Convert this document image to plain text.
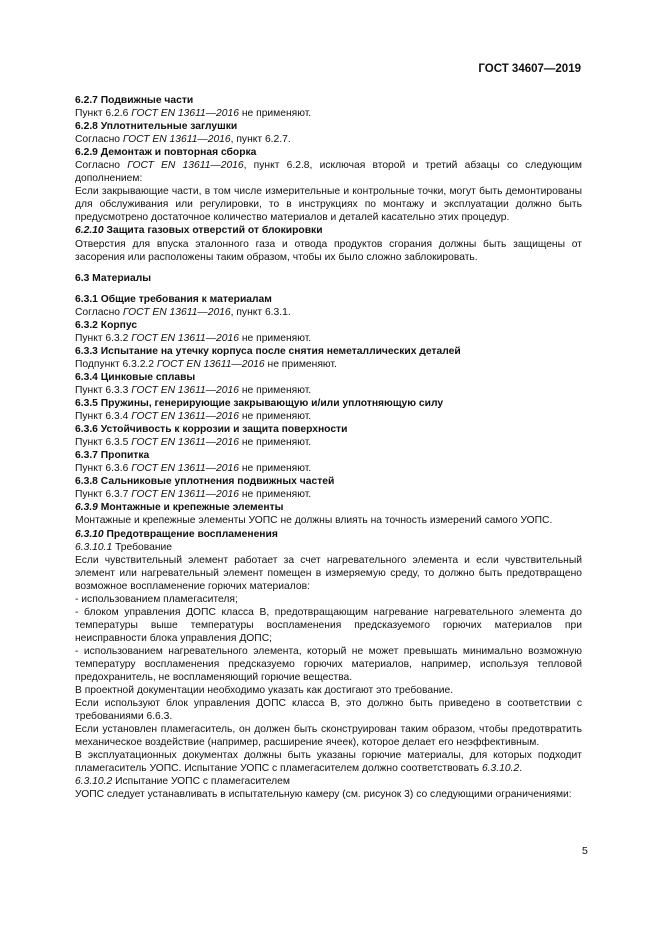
ГОСТ 34607—2019

6.2.7 Подвижные части

Пункт 6.2.6 ГОСТ EN 13611—2016 не применяют.

6.2.8 Уплотнительные заглушки

Согласно ГОСТ EN 13611—2016, пункт 6.2.7.

6.2.9 Демонтаж и повторная сборка

Согласно ГОСТ EN 13611—2016, пункт 6.2.8, исключая второй и третий абзацы со следующим дополнением:

Если закрывающие части, в том числе измерительные и контрольные точки, могут быть демонтированы для обслуживания или регулировки, то в инструкциях по монтажу и эксплуатации должно быть предусмотрено достаточное количество материалов и деталей касательно этих процедур.

6.2.10 Защита газовых отверстий от блокировки

Отверстия для впуска эталонного газа и отвода продуктов сгорания должны быть защищены от засорения или расположены таким образом, чтобы их было сложно заблокировать.

6.3 Материалы

6.3.1 Общие требования к материалам

Согласно ГОСТ EN 13611—2016, пункт 6.3.1.

6.3.2 Корпус

Пункт 6.3.2 ГОСТ EN 13611—2016 не применяют.

6.3.3 Испытание на утечку корпуса после снятия неметаллических деталей

Подпункт 6.3.2.2 ГОСТ EN 13611—2016 не применяют.

6.3.4 Цинковые сплавы

Пункт 6.3.3 ГОСТ EN 13611—2016 не применяют.

6.3.5 Пружины, генерирующие закрывающую и/или уплотняющую силу

Пункт 6.3.4 ГОСТ EN 13611—2016 не применяют.

6.3.6 Устойчивость к коррозии и защита поверхности

Пункт 6.3.5 ГОСТ EN 13611—2016 не применяют.

6.3.7 Пропитка

Пункт 6.3.6 ГОСТ EN 13611—2016 не применяют.

6.3.8 Сальниковые уплотнения подвижных частей

Пункт 6.3.7 ГОСТ EN 13611—2016 не применяют.

6.3.9 Монтажные и крепежные элементы

Монтажные и крепежные элементы УОПС не должны влиять на точность измерений самого УОПС.

6.3.10 Предотвращение воспламенения

6.3.10.1 Требование

Если чувствительный элемент работает за счет нагревательного элемента и если чувствительный элемент или нагревательный элемент помещен в измеряемую среду, то должно быть предотвращено возможное воспламенение горючих материалов:

- использованием пламегасителя;

- блоком управления ДОПС класса B, предотвращающим нагревание нагревательного элемента до температуры выше температуры воспламенения предсказуемого горючих материалов при неисправности блока управления ДОПС;

- использованием нагревательного элемента, который не может превышать минимально возможную температуру воспламенения предсказуемо горючих материалов, например, используя тепловой предохранитель, не воспламеняющий горючие вещества.

В проектной документации необходимо указать как достигают это требование.

Если используют блок управления ДОПС класса B, это должно быть приведено в соответствии с требованиями 6.6.3.

Если установлен пламегаситель, он должен быть сконструирован таким образом, чтобы предотвратить механическое воздействие (например, расширение ячеек), которое делает его неэффективным.

В эксплуатационных документах должны быть указаны горючие материалы, для которых подходит пламегаситель УОПС. Испытание УОПС с пламегасителем должно соответствовать 6.3.10.2.

6.3.10.2 Испытание УОПС с пламегасителем

УОПС следует устанавливать в испытательную камеру (см. рисунок 3) со следующими ограничениями:

5
